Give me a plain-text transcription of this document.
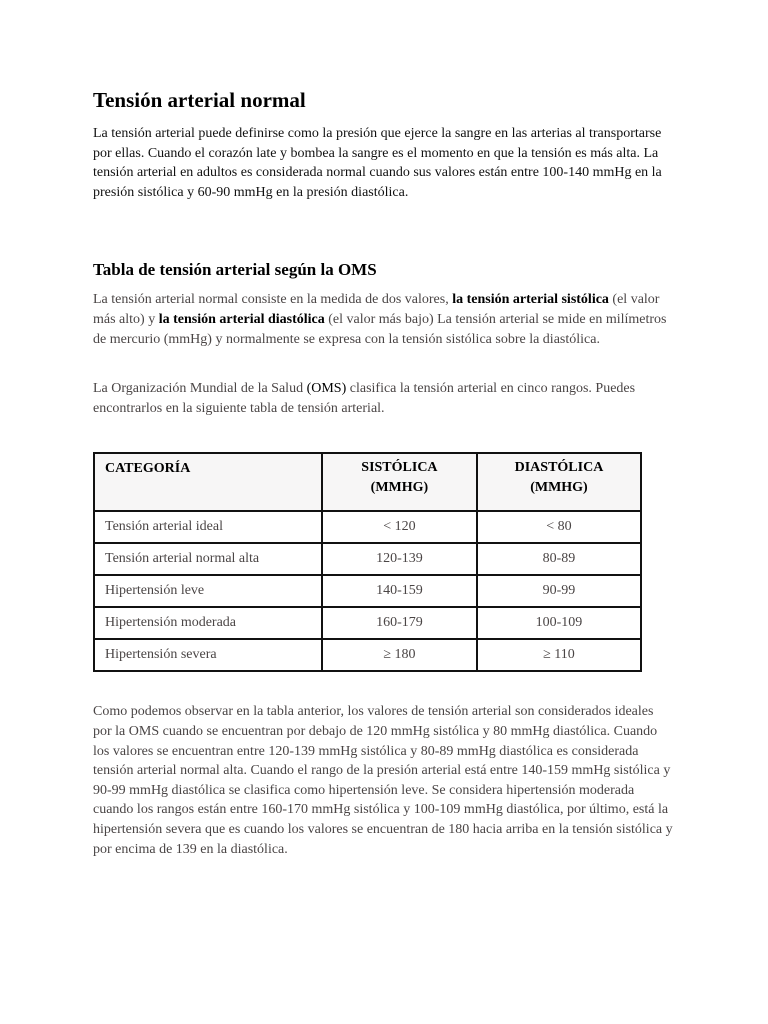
Tensión arterial normal

La tensión arterial puede definirse como la presión que ejerce la sangre en las arterias al transportarse por ellas. Cuando el corazón late y bombea la sangre es el momento en que la tensión es más alta. La tensión arterial en adultos es considerada normal cuando sus valores están entre 100-140 mmHg en la presión sistólica y 60-90 mmHg en la presión diastólica.

Tabla de tensión arterial según la OMS

La tensión arterial normal consiste en la medida de dos valores, la tensión arterial sistólica (el valor más alto) y la tensión arterial diastólica (el valor más bajo) La tensión arterial se mide en milímetros de mercurio (mmHg) y normalmente se expresa con la tensión sistólica sobre la diastólica.

La Organización Mundial de la Salud (OMS) clasifica la tensión arterial en cinco rangos. Puedes encontrarlos en la siguiente tabla de tensión arterial.

CATEGORÍA	SISTÓLICA (MMHG)	DIASTÓLICA (MMHG)
Tensión arterial ideal	< 120	< 80
Tensión arterial normal alta	120-139	80-89
Hipertensión leve	140-159	90-99
Hipertensión moderada	160-179	100-109
Hipertensión severa	≥ 180	≥ 110

Como podemos observar en la tabla anterior, los valores de tensión arterial son considerados ideales por la OMS cuando se encuentran por debajo de 120 mmHg sistólica y 80 mmHg diastólica. Cuando los valores se encuentran entre 120-139 mmHg sistólica y 80-89 mmHg diastólica es considerada tensión arterial normal alta. Cuando el rango de la presión arterial está entre 140-159 mmHg sistólica y 90-99 mmHg diastólica se clasifica como hipertensión leve. Se considera hipertensión moderada cuando los rangos están entre 160-170 mmHg sistólica y 100-109 mmHg diastólica, por último, está la hipertensión severa que es cuando los valores se encuentran de 180 hacia arriba en la tensión sistólica y por encima de 139 en la diastólica.
